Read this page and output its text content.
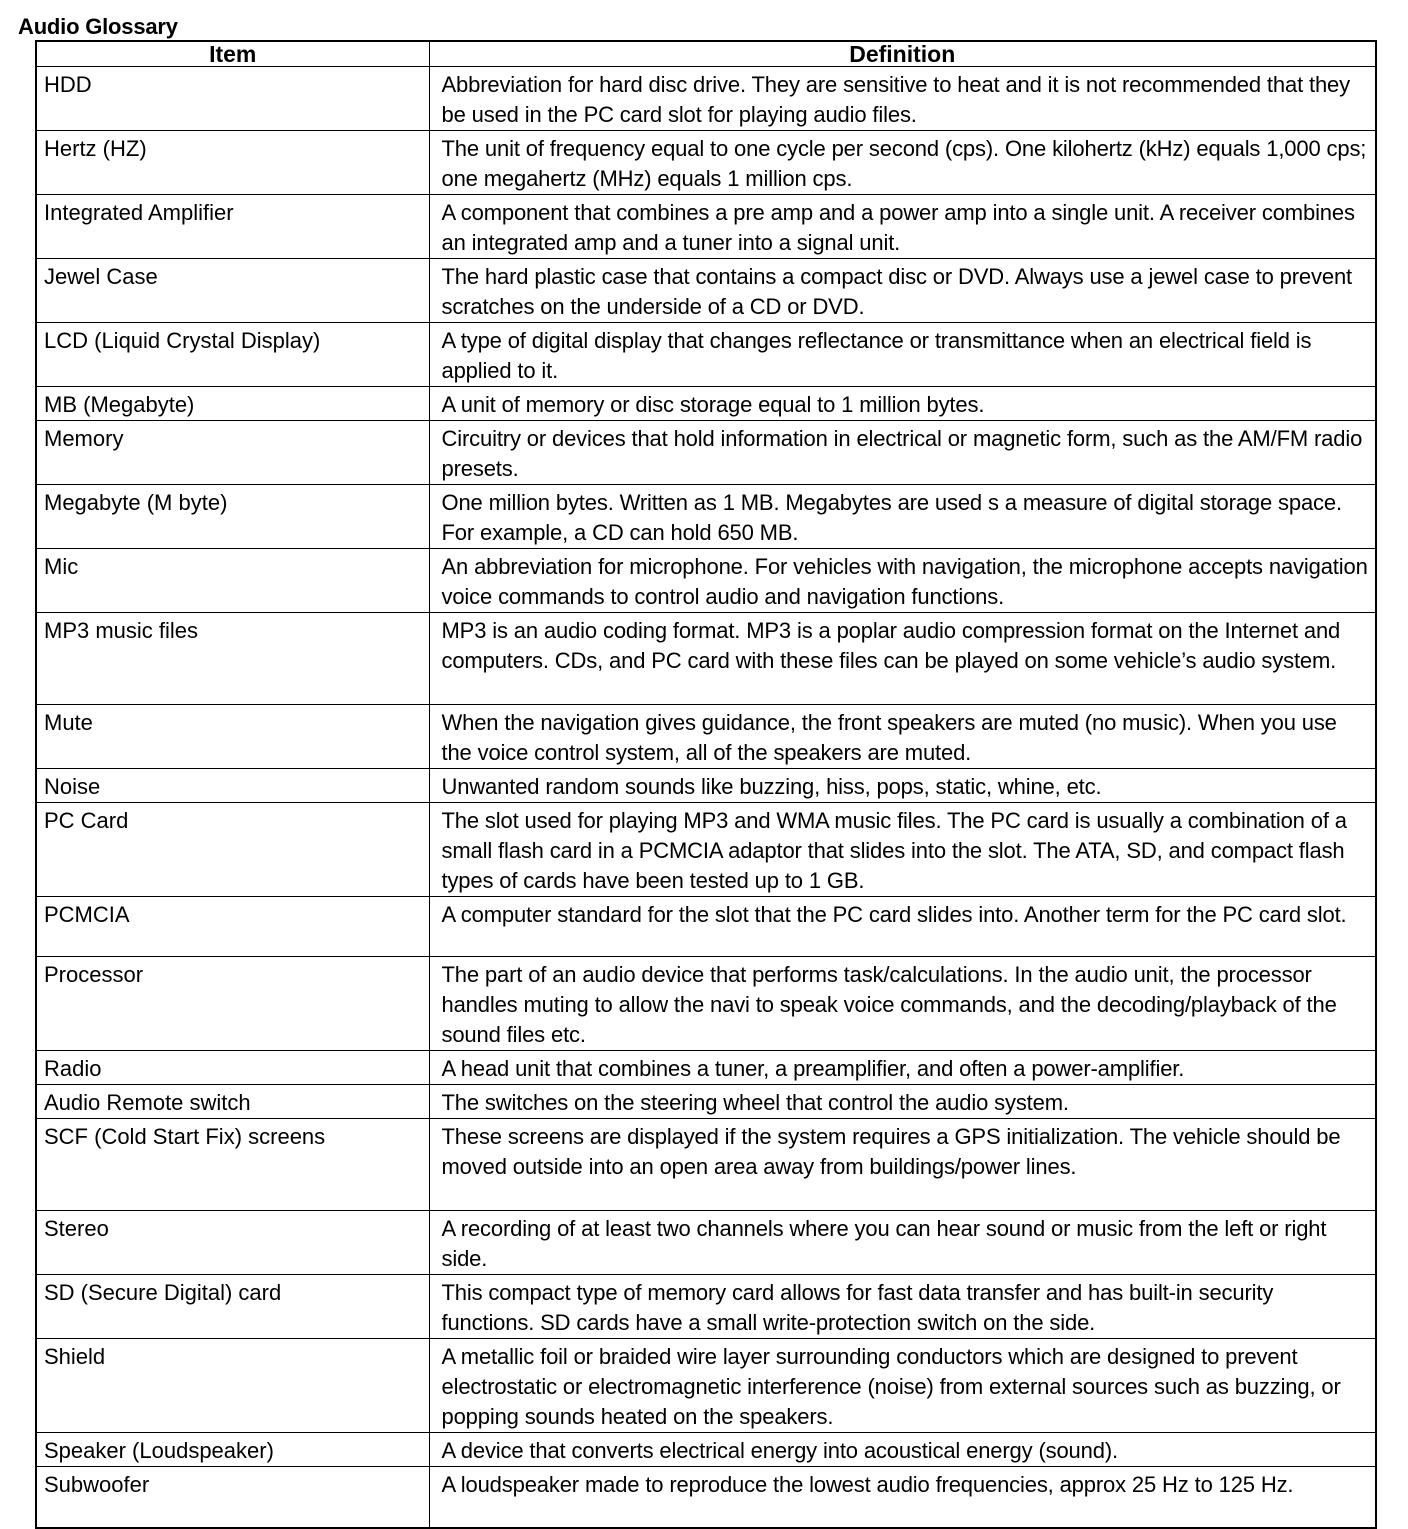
Audio Glossary
Item	Definition
HDD	Abbreviation for hard disc drive. They are sensitive to heat and it is not recommended that they be used in the PC card slot for playing audio files.
Hertz (HZ)	The unit of frequency equal to one cycle per second (cps). One kilohertz (kHz) equals 1,000 cps; one megahertz (MHz) equals 1 million cps.
Integrated Amplifier	A component that combines a pre amp and a power amp into a single unit. A receiver combines an integrated amp and a tuner into a signal unit.
Jewel Case	The hard plastic case that contains a compact disc or DVD. Always use a jewel case to prevent scratches on the underside of a CD or DVD.
LCD (Liquid Crystal Display)	A type of digital display that changes reflectance or transmittance when an electrical field is applied to it.
MB (Megabyte)	A unit of memory or disc storage equal to 1 million bytes.
Memory	Circuitry or devices that hold information in electrical or magnetic form, such as the AM/FM radio presets.
Megabyte (M byte)	One million bytes. Written as 1 MB. Megabytes are used s a measure of digital storage space. For example, a CD can hold 650 MB.
Mic	An abbreviation for microphone. For vehicles with navigation, the microphone accepts navigation voice commands to control audio and navigation functions.
MP3 music files	MP3 is an audio coding format. MP3 is a poplar audio compression format on the Internet and computers. CDs, and PC card with these files can be played on some vehicle’s audio system.
Mute	When the navigation gives guidance, the front speakers are muted (no music). When you use the voice control system, all of the speakers are muted.
Noise	Unwanted random sounds like buzzing, hiss, pops, static, whine, etc.
PC Card	The slot used for playing MP3 and WMA music files. The PC card is usually a combination of a small flash card in a PCMCIA adaptor that slides into the slot. The ATA, SD, and compact flash types of cards have been tested up to 1 GB.
PCMCIA	A computer standard for the slot that the PC card slides into. Another term for the PC card slot.
Processor	The part of an audio device that performs task/calculations. In the audio unit, the processor handles muting to allow the navi to speak voice commands, and the decoding/playback of the sound files etc.
Radio	A head unit that combines a tuner, a preamplifier, and often a power-amplifier.
Audio Remote switch	The switches on the steering wheel that control the audio system.
SCF (Cold Start Fix) screens	These screens are displayed if the system requires a GPS initialization. The vehicle should be moved outside into an open area away from buildings/power lines.
Stereo	A recording of at least two channels where you can hear sound or music from the left or right side.
SD (Secure Digital) card	This compact type of memory card allows for fast data transfer and has built-in security functions. SD cards have a small write-protection switch on the side.
Shield	A metallic foil or braided wire layer surrounding conductors which are designed to prevent electrostatic or electromagnetic interference (noise) from external sources such as buzzing, or popping sounds heated on the speakers.
Speaker (Loudspeaker)	A device that converts electrical energy into acoustical energy (sound).
Subwoofer	A loudspeaker made to reproduce the lowest audio frequencies, approx 25 Hz to 125 Hz.
